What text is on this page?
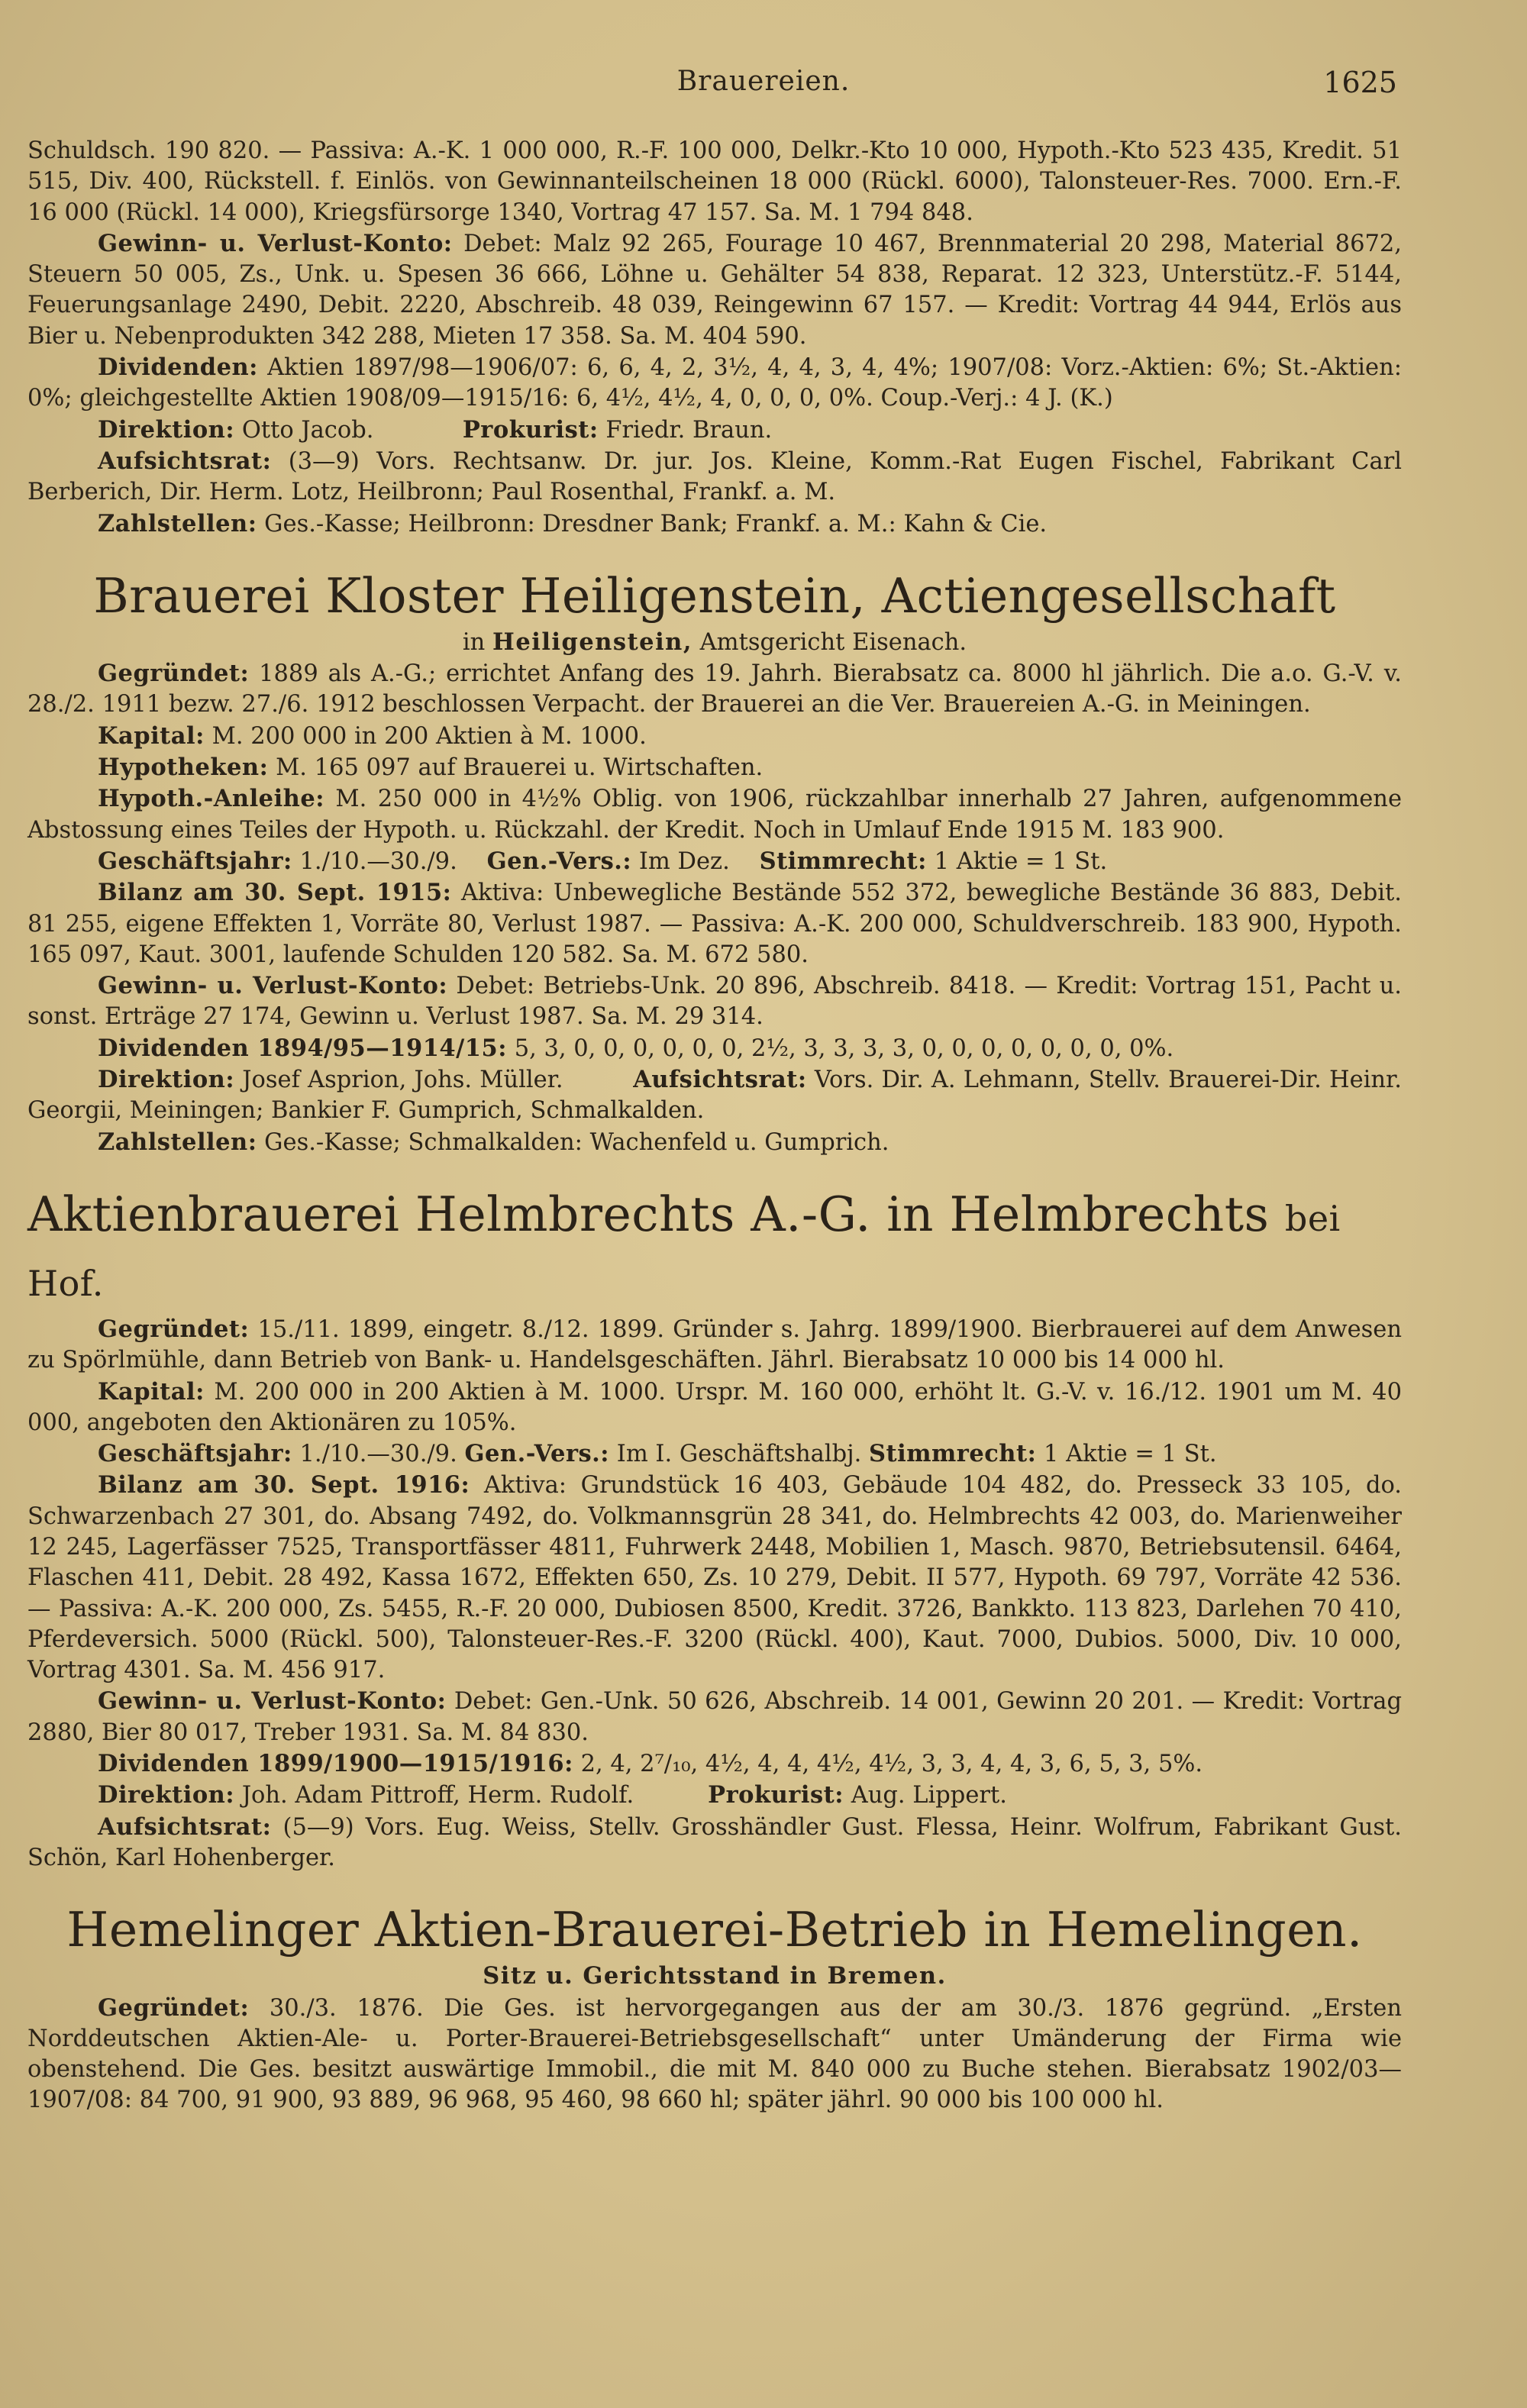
Brauereien.	1625

Schuldsch. 190 820. — Passiva: A.-K. 1 000 000, R.-F. 100 000, Delkr.-Kto 10 000, Hypoth.-Kto 523 435, Kredit. 51 515, Div. 400, Rückstell. f. Einlös. von Gewinnanteilscheinen 18 000 (Rückl. 6000), Talonsteuer-Res. 7000. Ern.-F. 16 000 (Rückl. 14 000), Kriegsfürsorge 1340, Vortrag 47 157. Sa. M. 1 794 848.

Gewinn- u. Verlust-Konto: Debet: Malz 92 265, Fourage 10 467, Brennmaterial 20 298, Material 8672, Steuern 50 005, Zs., Unk. u. Spesen 36 666, Löhne u. Gehälter 54 838, Reparat. 12 323, Unterstütz.-F. 5144, Feuerungsanlage 2490, Debit. 2220, Abschreib. 48 039, Reingewinn 67 157. — Kredit: Vortrag 44 944, Erlös aus Bier u. Nebenprodukten 342 288, Mieten 17 358. Sa. M. 404 590.

Dividenden: Aktien 1897/98—1906/07: 6, 6, 4, 2, 3½, 4, 4, 3, 4, 4%; 1907/08: Vorz.-Aktien: 6%; St.-Aktien: 0%; gleichgestellte Aktien 1908/09—1915/16: 6, 4½, 4½, 4, 0, 0, 0, 0%. Coup.-Verj.: 4 J. (K.)

Direktion: Otto Jacob.	Prokurist: Friedr. Braun.

Aufsichtsrat: (3—9) Vors. Rechtsanw. Dr. jur. Jos. Kleine, Komm.-Rat Eugen Fischel, Fabrikant Carl Berberich, Dir. Herm. Lotz, Heilbronn; Paul Rosenthal, Frankf. a. M.

Zahlstellen: Ges.-Kasse; Heilbronn: Dresdner Bank; Frankf. a. M.: Kahn & Cie.

Brauerei Kloster Heiligenstein, Actiengesellschaft

in Heiligenstein, Amtsgericht Eisenach.

Gegründet: 1889 als A.-G.; errichtet Anfang des 19. Jahrh. Bierabsatz ca. 8000 hl jährlich. Die a.o. G.-V. v. 28./2. 1911 bezw. 27./6. 1912 beschlossen Verpacht. der Brauerei an die Ver. Brauereien A.-G. in Meiningen.

Kapital: M. 200 000 in 200 Aktien à M. 1000.

Hypotheken: M. 165 097 auf Brauerei u. Wirtschaften.

Hypoth.-Anleihe: M. 250 000 in 4½% Oblig. von 1906, rückzahlbar innerhalb 27 Jahren, aufgenommene Abstossung eines Teiles der Hypoth. u. Rückzahl. der Kredit. Noch in Umlauf Ende 1915 M. 183 900.

Geschäftsjahr: 1./10.—30./9. Gen.-Vers.: Im Dez. Stimmrecht: 1 Aktie = 1 St.

Bilanz am 30. Sept. 1915: Aktiva: Unbewegliche Bestände 552 372, bewegliche Bestände 36 883, Debit. 81 255, eigene Effekten 1, Vorräte 80, Verlust 1987. — Passiva: A.-K. 200 000, Schuldverschreib. 183 900, Hypoth. 165 097, Kaut. 3001, laufende Schulden 120 582. Sa. M. 672 580.

Gewinn- u. Verlust-Konto: Debet: Betriebs-Unk. 20 896, Abschreib. 8418. — Kredit: Vortrag 151, Pacht u. sonst. Erträge 27 174, Gewinn u. Verlust 1987. Sa. M. 29 314.

Dividenden 1894/95—1914/15: 5, 3, 0, 0, 0, 0, 0, 0, 2½, 3, 3, 3, 3, 0, 0, 0, 0, 0, 0, 0, 0%.

Direktion: Josef Asprion, Johs. Müller.	Aufsichtsrat: Vors. Dir. A. Lehmann, Stellv. Brauerei-Dir. Heinr. Georgii, Meiningen; Bankier F. Gumprich, Schmalkalden.

Zahlstellen: Ges.-Kasse; Schmalkalden: Wachenfeld u. Gumprich.

Aktienbrauerei Helmbrechts A.-G. in Helmbrechts bei Hof.

Gegründet: 15./11. 1899, eingetr. 8./12. 1899. Gründer s. Jahrg. 1899/1900. Bierbrauerei auf dem Anwesen zu Spörlmühle, dann Betrieb von Bank- u. Handelsgeschäften. Jährl. Bierabsatz 10 000 bis 14 000 hl.

Kapital: M. 200 000 in 200 Aktien à M. 1000. Urspr. M. 160 000, erhöht lt. G.-V. v. 16./12. 1901 um M. 40 000, angeboten den Aktionären zu 105%.

Geschäftsjahr: 1./10.—30./9. Gen.-Vers.: Im I. Geschäftshalbj. Stimmrecht: 1 Aktie = 1 St.

Bilanz am 30. Sept. 1916: Aktiva: Grundstück 16 403, Gebäude 104 482, do. Presseck 33 105, do. Schwarzenbach 27 301, do. Absang 7492, do. Volkmannsgrün 28 341, do. Helmbrechts 42 003, do. Marienweiher 12 245, Lagerfässer 7525, Transportfässer 4811, Fuhrwerk 2448, Mobilien 1, Masch. 9870, Betriebsutensil. 6464, Flaschen 411, Debit. 28 492, Kassa 1672, Effekten 650, Zs. 10 279, Debit. II 577, Hypoth. 69 797, Vorräte 42 536. — Passiva: A.-K. 200 000, Zs. 5455, R.-F. 20 000, Dubiosen 8500, Kredit. 3726, Bankkto. 113 823, Darlehen 70 410, Pferdeversich. 5000 (Rückl. 500), Talonsteuer-Res.-F. 3200 (Rückl. 400), Kaut. 7000, Dubios. 5000, Div. 10 000, Vortrag 4301. Sa. M. 456 917.

Gewinn- u. Verlust-Konto: Debet: Gen.-Unk. 50 626, Abschreib. 14 001, Gewinn 20 201. — Kredit: Vortrag 2880, Bier 80 017, Treber 1931. Sa. M. 84 830.

Dividenden 1899/1900—1915/1916: 2, 4, 2⁷/₁₀, 4½, 4, 4, 4½, 4½, 3, 3, 4, 4, 3, 6, 5, 3, 5%.

Direktion: Joh. Adam Pittroff, Herm. Rudolf.	Prokurist: Aug. Lippert.

Aufsichtsrat: (5—9) Vors. Eug. Weiss, Stellv. Grosshändler Gust. Flessa, Heinr. Wolfrum, Fabrikant Gust. Schön, Karl Hohenberger.

Hemelinger Aktien-Brauerei-Betrieb in Hemelingen.

Sitz u. Gerichtsstand in Bremen.

Gegründet: 30./3. 1876. Die Ges. ist hervorgegangen aus der am 30./3. 1876 gegründ. „Ersten Norddeutschen Aktien-Ale- u. Porter-Brauerei-Betriebsgesellschaft“ unter Umänderung der Firma wie obenstehend. Die Ges. besitzt auswärtige Immobil., die mit M. 840 000 zu Buche stehen. Bierabsatz 1902/03—1907/08: 84 700, 91 900, 93 889, 96 968, 95 460, 98 660 hl; später jährl. 90 000 bis 100 000 hl.
